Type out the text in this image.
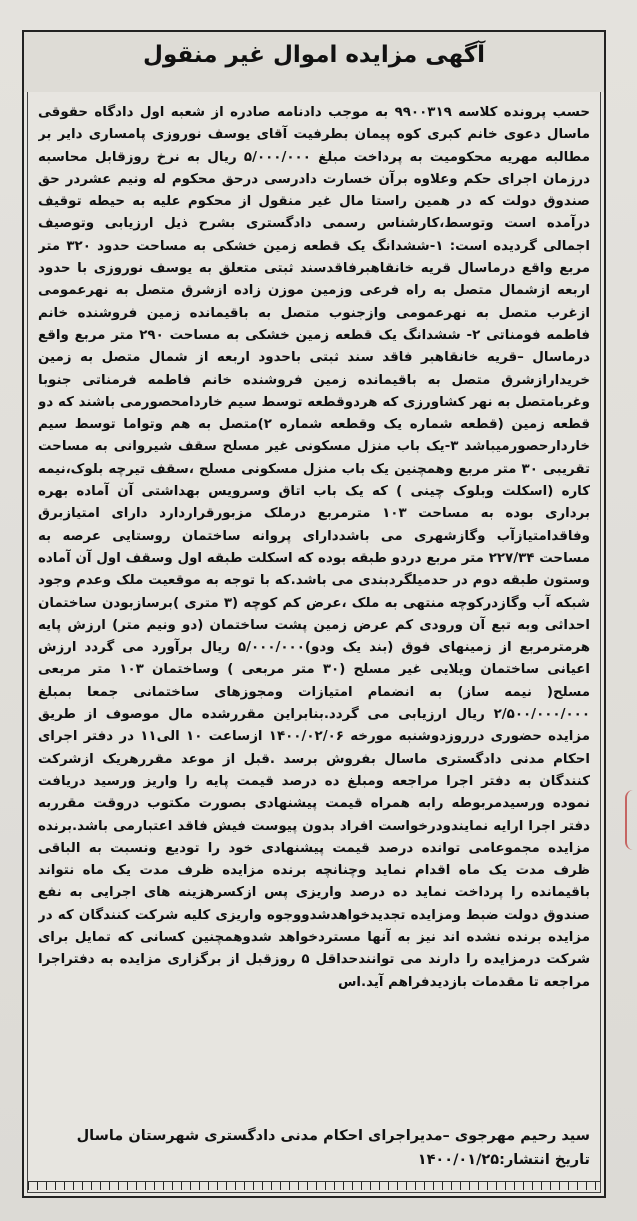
آگهی مزایده اموال غیر منقول
حسب پرونده کلاسه ۹۹۰۰۳۱۹ به موجب دادنامه صادره از شعبه اول دادگاه حقوقی ماسال دعوی خانم کبری کوه پیمان بطرفیت آقای یوسف نوروزی پامساری دایر بر مطالبه مهریه محکومیت به پرداخت مبلغ ۵/۰۰۰/۰۰۰ ریال به نرخ روزقابل محاسبه درزمان اجرای حکم وعلاوه برآن خسارت دادرسی درحق محکوم له ونیم عشردر حق صندوق دولت که در همین راستا مال غیر منقول از محکوم علیه به حیطه توقیف درآمده است وتوسط،کارشناس رسمی دادگستری بشرح ذیل ارزیابی وتوصیف اجمالی گردیده است: ۱-ششدانگ یک قطعه زمین خشکی به مساحت حدود ۳۲۰ متر مربع واقع درماسال قریه خانقاهبرفاقدسند ثبتی متعلق به یوسف نوروزی با حدود اربعه ازشمال متصل به راه فرعی وزمین موزن زاده ازشرق متصل به نهرعمومی ازغرب متصل به نهرعمومی وازجنوب متصل به باقیمانده زمین فروشنده خانم فاطمه فومناتی ۲- ششدانگ یک قطعه زمین خشکی به مساحت ۲۹۰ متر مربع واقع درماسال –قریه خانقاهبر فاقد سند ثبتی باحدود اربعه از شمال متصل به زمین خریدارازشرق متصل به باقیمانده زمین فروشنده خانم فاطمه فرمناتی جنوبا وغربامتصل به نهر کشاورزی که هردوقطعه توسط سیم خاردامحصورمی باشند که دو قطعه زمین (قطعه شماره یک وقطعه شماره ۲)متصل به هم وتواما توسط سیم خاردارحصورمیباشد ۳-یک باب منزل مسکونی غیر مسلح سقف شیروانی به مساحت تقریبی ۳۰ متر مربع وهمچنین یک باب منزل مسکونی مسلح ،سقف تیرچه بلوک،نیمه کاره (اسکلت وبلوک چینی ) که یک باب اتاق وسرویس بهداشتی آن آماده بهره برداری بوده به مساحت ۱۰۳ مترمربع درملک مزبورقراردارد دارای امتیازبرق وفاقدامتیازآب وگازشهری می باشددارای پروانه ساختمان روستایی عرصه به مساحت ۲۲۷/۳۴ متر مربع دردو طبقه بوده که اسکلت طبقه اول وسقف اول آن آماده وستون طبقه دوم در حدمیلگردبندی می باشد.که با توجه به موقعیت ملک وعدم وجود شبکه آب وگازدرکوچه منتهی به ملک ،عرض کم کوچه (۳ متری )برسازبودن ساختمان احداثی وبه تبع آن ورودی کم عرض زمین پشت ساختمان (دو ونیم متر) ارزش پایه هرمترمربع از زمینهای فوق (بند یک ودو)۵/۰۰۰/۰۰۰ ریال برآورد می گردد ارزش اعیانی ساختمان ویلایی غیر مسلح (۳۰ متر مربعی ) وساختمان ۱۰۳ متر مربعی مسلح( نیمه ساز) به انضمام امتیازات ومجوزهای ساختمانی جمعا بمبلغ ۲/۵۰۰/۰۰۰/۰۰۰ ریال ارزیابی می گردد.بنابراین مقررشده مال موصوف از طریق مزایده حضوری درروزدوشنبه مورخه ۱۴۰۰/۰۲/۰۶ ازساعت ۱۰ الی۱۱ در دفتر اجرای احکام مدنی دادگستری ماسال بفروش برسد .قبل از موعد مقررهریک ازشرکت کنندگان به دفتر اجرا مراجعه ومبلغ ده درصد قیمت پایه را واریز ورسید دریافت نموده ورسیدمربوطه رابه همراه قیمت پیشنهادی بصورت مکتوب دروقت مقرربه دفتر اجرا ارایه نمایندودرخواست افراد بدون پیوست فیش فاقد اعتبارمی باشد.برنده مزایده مجموعامی توانده درصد قیمت پیشنهادی خود را تودیع ونسبت به الباقی ظرف مدت یک ماه اقدام نماید وچنانچه برنده مزایده ظرف مدت یک ماه نتواند باقیمانده را پرداخت نماید ده درصد واریزی پس ازکسرهزینه های اجرایی به نفع صندوق دولت ضبط ومزایده تجدیدخواهدشدووجوه واریزی کلیه شرکت کنندگان که در مزایده برنده نشده اند نیز به آنها مستردخواهد شدوهمچنین کسانی که تمایل برای شرکت درمزایده را دارند می توانندحداقل ۵ روزقبل از برگزاری مزایده به دفتراجرا مراجعه تا مقدمات بازدیدفراهم آید.اس
سید رحیم مهرجوی –مدیراجرای احکام مدنی دادگستری شهرستان ماسال
تاریخ انتشار:۱۴۰۰/۰۱/۲۵
